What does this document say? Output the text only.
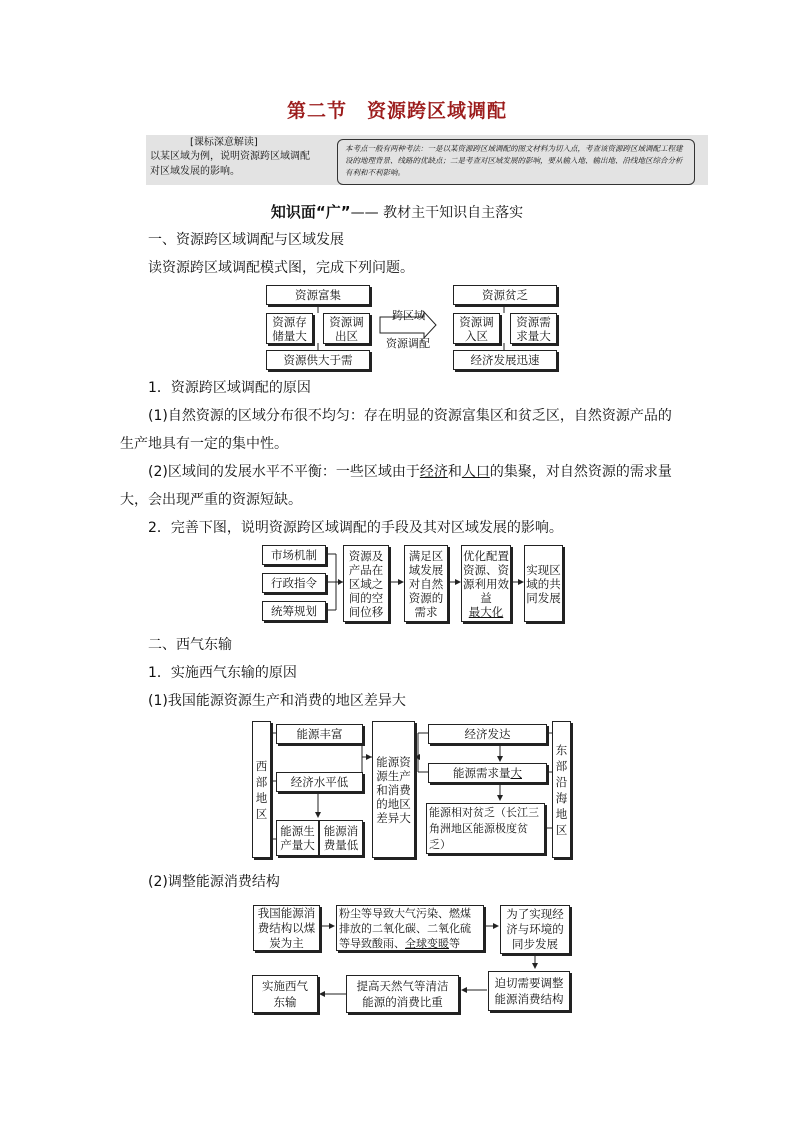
第二节　资源跨区域调配
[课标深意解读]
以某区域为例，说明资源跨区域调配
对区域发展的影响。
本考点一般有两种考法：一是以某资源跨区域调配的图文材料为切入点，考查该资源跨区域调配工程建设的地理背景、线路的优缺点；二是考查对区域发展的影响，要从输入地、输出地、沿线地区综合分析有利和不利影响。
知识面“广”—— 教材主干知识自主落实
一、资源跨区域调配与区域发展
读资源跨区域调配模式图，完成下列问题。
资源富集
资源存储量大
资源调出区
资源供大于需
跨区域
资源调配
资源贫乏
资源调入区
资源需求量大
经济发展迅速
1．资源跨区域调配的原因
(1)自然资源的区域分布很不均匀：存在明显的资源富集区和贫乏区，自然资源产品的
生产地具有一定的集中性。
(2)区域间的发展水平不平衡：一些区域由于经济和人口的集聚，对自然资源的需求量
大，会出现严重的资源短缺。
2．完善下图，说明资源跨区域调配的手段及其对区域发展的影响。
市场机制
行政指令
统筹规划
资源及产品在区域之间的空间位移
满足区域发展对自然资源的需求
优化配置资源、资源利用效益
最大化
实现区域的共同发展
二、西气东输
1．实施西气东输的原因
(1)我国能源资源生产和消费的地区差异大
西
部
地
区
能源丰富
经济水平低
能源生产量大
能源消费量低
能源资源生产和消费的地区差异大
经济发达
能源需求量 大
能源相对贫乏（长江三角洲地区能源极度贫乏）
东
部
沿
海
地
区
(2)调整能源消费结构
我国能源消费结构以煤炭为主
粉尘等导致大气污染、燃煤排放的二氧化碳、二氧化硫等导致酸雨、全球变暖等
为了实现经济与环境的同步发展
迫切需要调整能源消费结构
提高天然气等清洁能源的消费比重
实施西气东输
